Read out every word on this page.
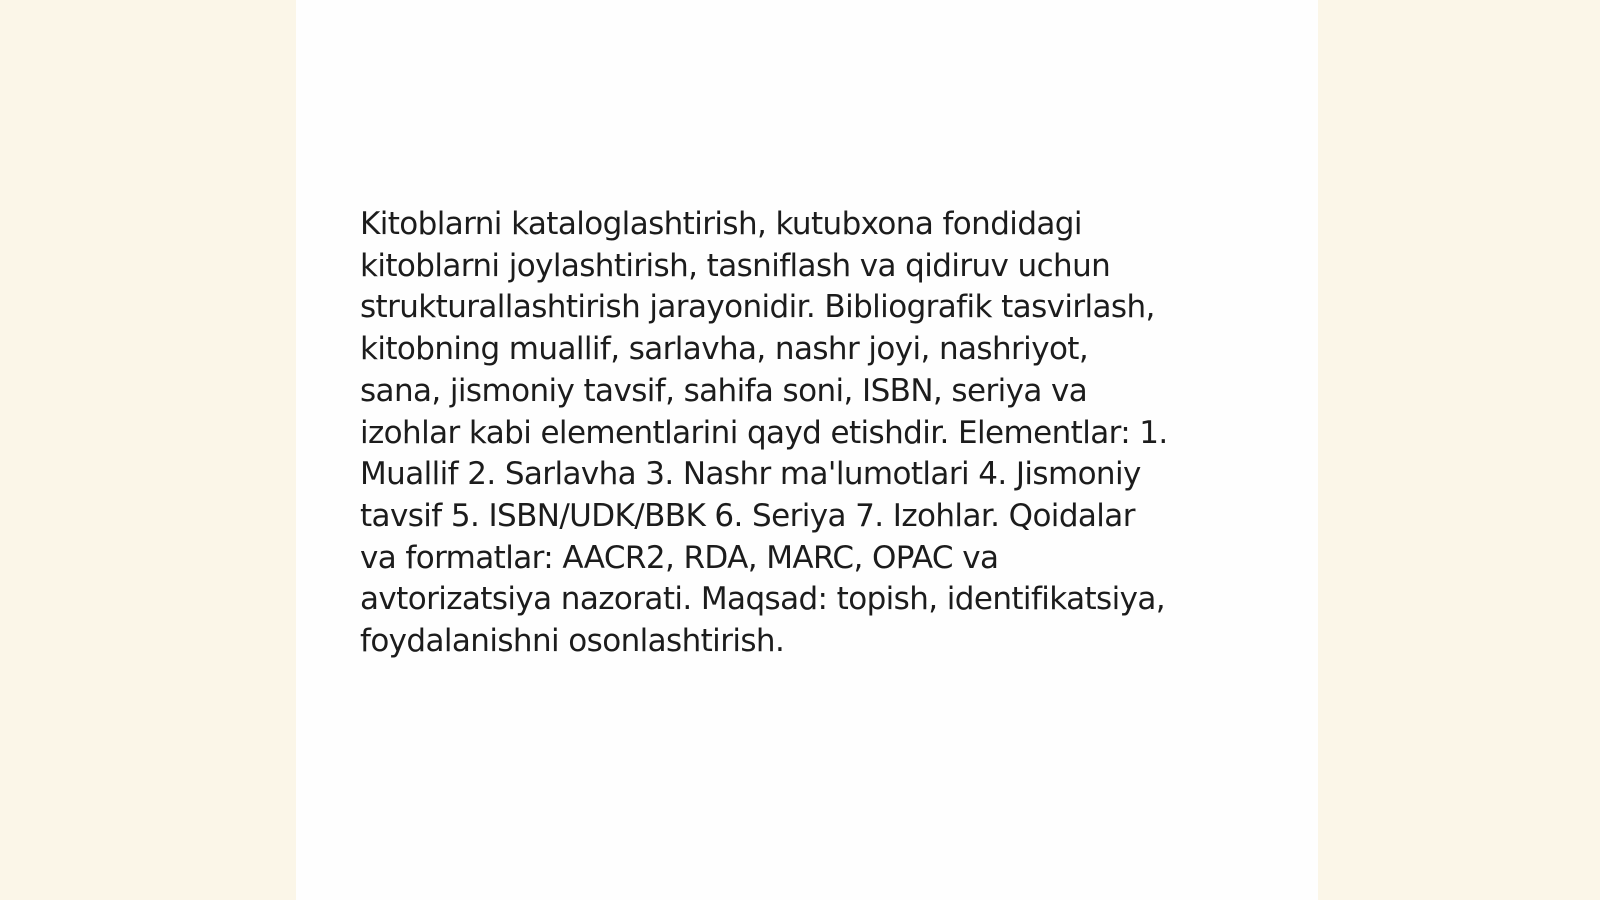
Kitoblarni kataloglashtirish, kutubxona fondidagi
kitoblarni joylashtirish, tasniflash va qidiruv uchun
strukturallashtirish jarayonidir. Bibliografik tasvirlash,
kitobning muallif, sarlavha, nashr joyi, nashriyot,
sana, jismoniy tavsif, sahifa soni, ISBN, seriya va
izohlar kabi elementlarini qayd etishdir. Elementlar: 1.
Muallif 2. Sarlavha 3. Nashr ma'lumotlari 4. Jismoniy
tavsif 5. ISBN/UDK/BBK 6. Seriya 7. Izohlar. Qoidalar
va formatlar: AACR2, RDA, MARC, OPAC va
avtorizatsiya nazorati. Maqsad: topish, identifikatsiya,
foydalanishni osonlashtirish.
